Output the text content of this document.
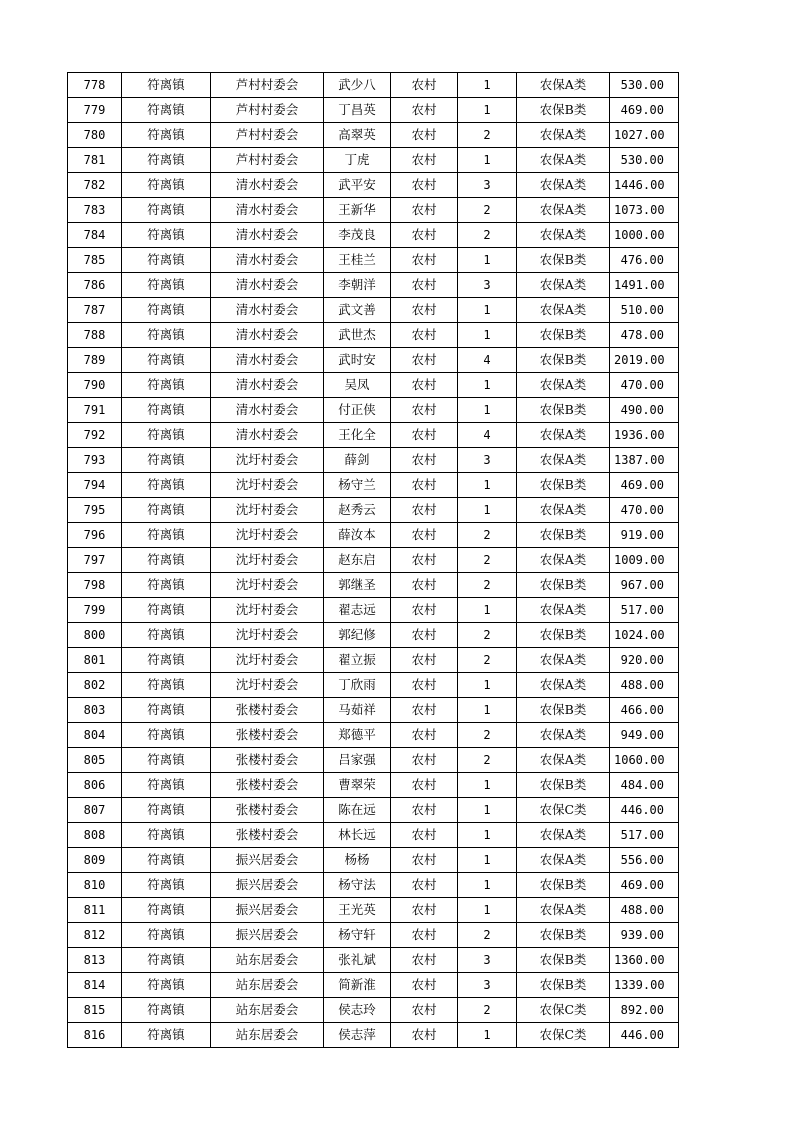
778	符离镇	芦村村委会	武少八	农村	1	农保A类	530.00
779	符离镇	芦村村委会	丁昌英	农村	1	农保B类	469.00
780	符离镇	芦村村委会	高翠英	农村	2	农保A类	1027.00
781	符离镇	芦村村委会	丁虎	农村	1	农保A类	530.00
782	符离镇	清水村委会	武平安	农村	3	农保A类	1446.00
783	符离镇	清水村委会	王新华	农村	2	农保A类	1073.00
784	符离镇	清水村委会	李茂良	农村	2	农保A类	1000.00
785	符离镇	清水村委会	王桂兰	农村	1	农保B类	476.00
786	符离镇	清水村委会	李朝洋	农村	3	农保A类	1491.00
787	符离镇	清水村委会	武文善	农村	1	农保A类	510.00
788	符离镇	清水村委会	武世杰	农村	1	农保B类	478.00
789	符离镇	清水村委会	武时安	农村	4	农保B类	2019.00
790	符离镇	清水村委会	吴凤	农村	1	农保A类	470.00
791	符离镇	清水村委会	付正侠	农村	1	农保B类	490.00
792	符离镇	清水村委会	王化全	农村	4	农保A类	1936.00
793	符离镇	沈圩村委会	薛剑	农村	3	农保A类	1387.00
794	符离镇	沈圩村委会	杨守兰	农村	1	农保B类	469.00
795	符离镇	沈圩村委会	赵秀云	农村	1	农保A类	470.00
796	符离镇	沈圩村委会	薛汝本	农村	2	农保B类	919.00
797	符离镇	沈圩村委会	赵东启	农村	2	农保A类	1009.00
798	符离镇	沈圩村委会	郭继圣	农村	2	农保B类	967.00
799	符离镇	沈圩村委会	翟志远	农村	1	农保A类	517.00
800	符离镇	沈圩村委会	郭纪修	农村	2	农保B类	1024.00
801	符离镇	沈圩村委会	翟立振	农村	2	农保A类	920.00
802	符离镇	沈圩村委会	丁欣雨	农村	1	农保A类	488.00
803	符离镇	张楼村委会	马茹祥	农村	1	农保B类	466.00
804	符离镇	张楼村委会	郑德平	农村	2	农保A类	949.00
805	符离镇	张楼村委会	吕家强	农村	2	农保A类	1060.00
806	符离镇	张楼村委会	曹翠荣	农村	1	农保B类	484.00
807	符离镇	张楼村委会	陈在远	农村	1	农保C类	446.00
808	符离镇	张楼村委会	林长远	农村	1	农保A类	517.00
809	符离镇	振兴居委会	杨杨	农村	1	农保A类	556.00
810	符离镇	振兴居委会	杨守法	农村	1	农保B类	469.00
811	符离镇	振兴居委会	王光英	农村	1	农保A类	488.00
812	符离镇	振兴居委会	杨守轩	农村	2	农保B类	939.00
813	符离镇	站东居委会	张礼斌	农村	3	农保B类	1360.00
814	符离镇	站东居委会	简新淮	农村	3	农保B类	1339.00
815	符离镇	站东居委会	侯志玲	农村	2	农保C类	892.00
816	符离镇	站东居委会	侯志萍	农村	1	农保C类	446.00
